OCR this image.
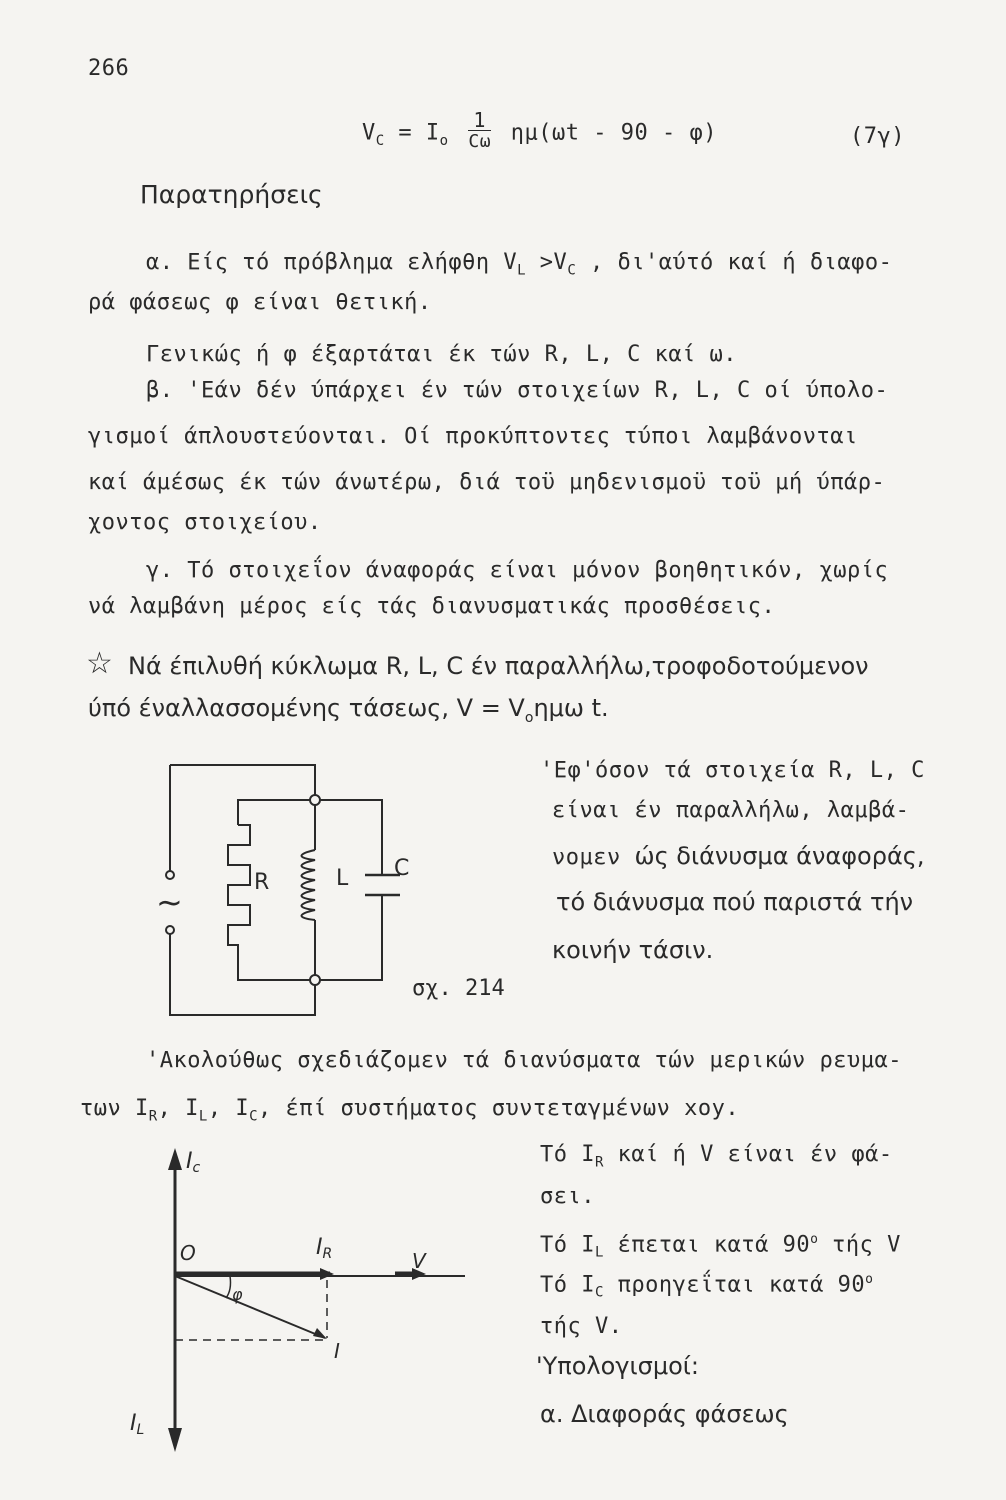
266
$V_C = I_o \frac{1}{C\omega} \eta\mu(\omega t - 90 - \varphi)$	(7γ)
Παρατηρήσεις
α. Είς τό πρόβλημα ελήφθη $V_L >V_C$ , δι'αύτό καί ή διαφο-
ρά φάσεως φ είναι θετική.
Γενικώς ή φ έξαρτάται έκ τών R, L, C καί ω.
β. 'Εάν δέν ύπάρχει έν τών στοιχείων R, L, C οί ύπολο-
γισμοί άπλουστεύονται. Οί προκύπτοντες τύποι λαμβάνονται
καί άμέσως έκ τών άνωτέρω, διά τοϋ μηδενισμοϋ τοϋ μή ύπάρ-
χοντος στοιχείου.
γ. Τό στοιχεΐον άναφοράς είναι μόνον βοηθητικόν, χωρίς
νά λαμβάνη μέρος είς τάς διανυσματικάς προσθέσεις.
☆ Νά έπιλυθή κύκλωμα R, L, C έν παραλλήλω,τροφοδοτούμενον
ύπό έναλλασσομένης τάσεως, $V = V_o\eta\mu\omega$ t.
~
R	L C
σχ. 214
'Εφ'όσον τά στοιχεία R, L, C
είναι έν παραλλήλω, λαμβά-
νομεν ώς διάνυσμα άναφοράς,
τό διάνυσμα πού παριστά τήν
κοινήν τάσιν.
'Ακολούθως σχεδιάζομεν τά διανύσματα τών μερικών ρευμα-
των $I_R$, $I_L$, $I_C$, έπί συστήματος συντεταγμένων xoy.
Ic
O	IR	V
φ
I
IL
Τό $I_R$ καί ή V είναι έν φά-
σει.
Τό $I_L$ έπεται κατά 90$^o$ τής V
Τό $I_C$ προηγεΐται κατά 90$^o$
τής V.
'Υπολογισμοί:
α. Διαφοράς φάσεως
